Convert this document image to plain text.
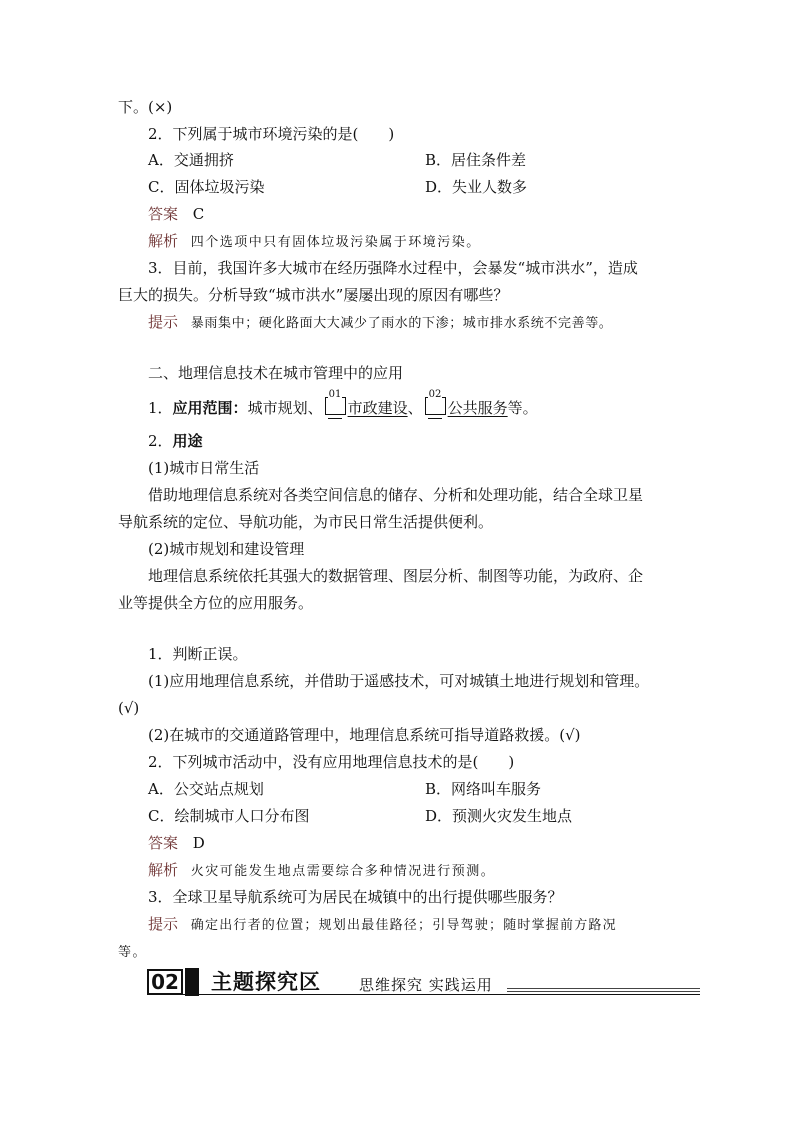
下。(×)
2．下列属于城市环境污染的是(　　)
A．交通拥挤	B．居住条件差
C．固体垃圾污染	D．失业人数多
答案 C
解析 四个选项中只有固体垃圾污染属于环境污染。
3．目前，我国许多大城市在经历强降水过程中，会暴发“城市洪水”，造成
巨大的损失。分析导致“城市洪水”屡屡出现的原因有哪些？
提示 暴雨集中；硬化路面大大减少了雨水的下渗；城市排水系统不完善等。
二、地理信息技术在城市管理中的应用
1．应用范围：城市规划、
01
市政建设、
02
公共服务等。
2．用途
(1)城市日常生活
借助地理信息系统对各类空间信息的储存、分析和处理功能，结合全球卫星
导航系统的定位、导航功能，为市民日常生活提供便利。
(2)城市规划和建设管理
地理信息系统依托其强大的数据管理、图层分析、制图等功能，为政府、企
业等提供全方位的应用服务。
1．判断正误。
(1)应用地理信息系统，并借助于遥感技术，可对城镇土地进行规划和管理。
(√)
(2)在城市的交通道路管理中，地理信息系统可指导道路救援。(√)
2．下列城市活动中，没有应用地理信息技术的是(　　)
A．公交站点规划	B．网络叫车服务
C．绘制城市人口分布图	D．预测火灾发生地点
答案 D
解析 火灾可能发生地点需要综合多种情况进行预测。
3．全球卫星导航系统可为居民在城镇中的出行提供哪些服务？
提示 确定出行者的位置；规划出最佳路径；引导驾驶；随时掌握前方路况
等。
02 主题探究区	思维探究 实践运用
